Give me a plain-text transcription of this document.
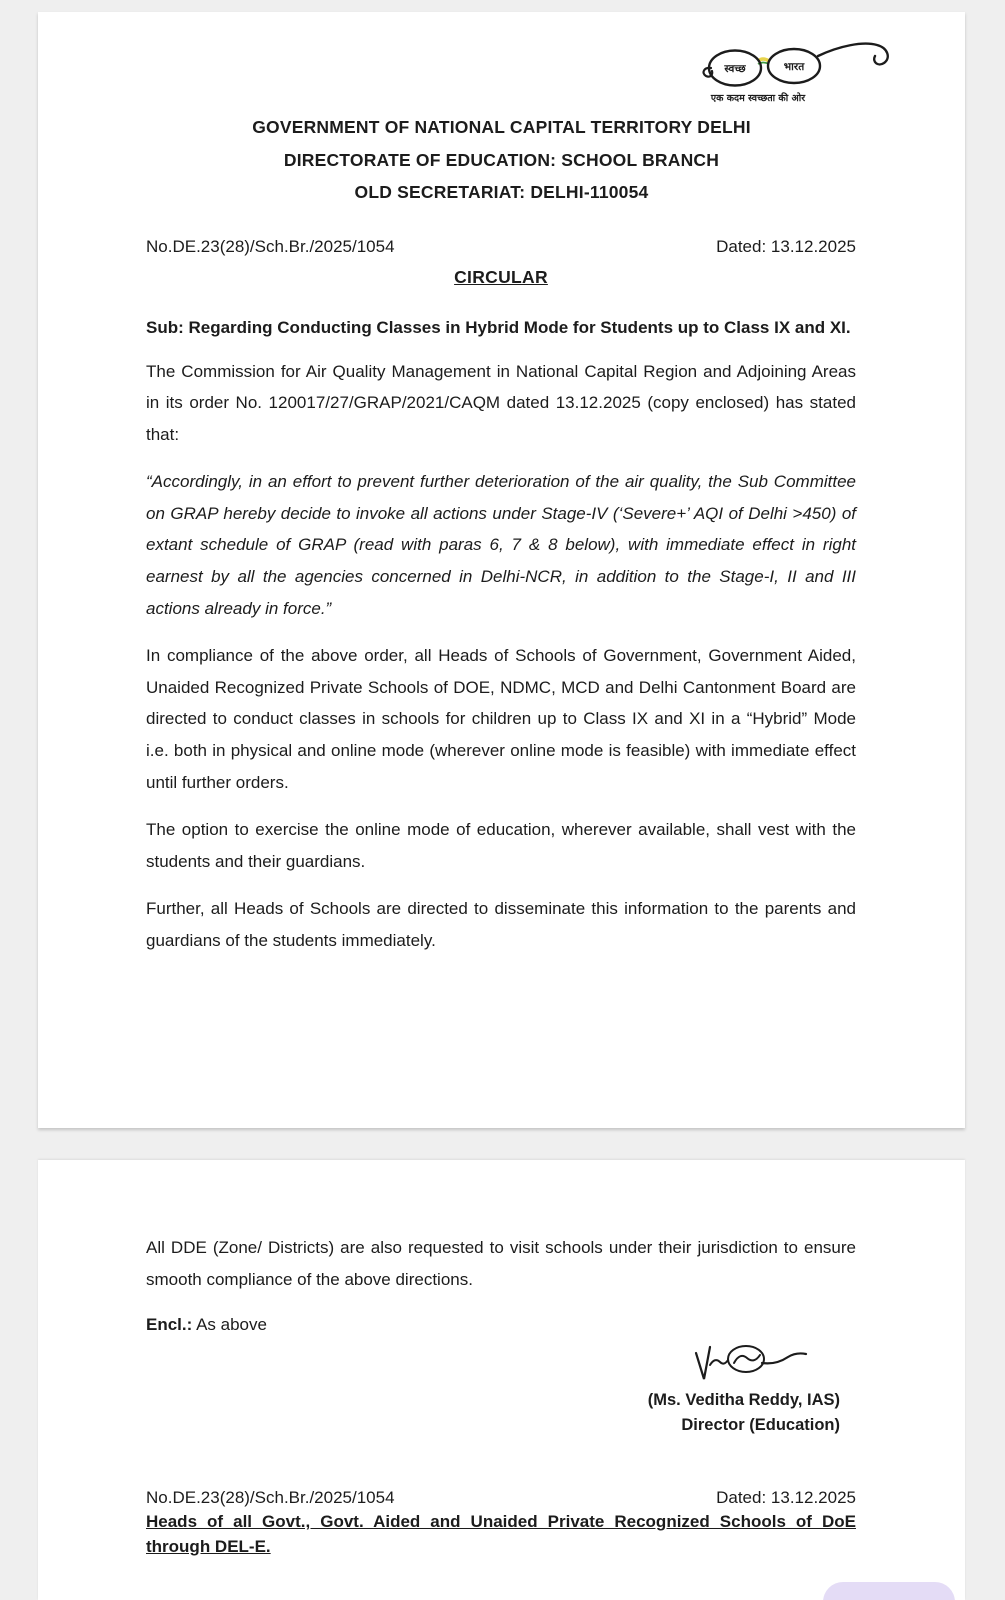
स्वच्छ	भारत
एक कदम स्वच्छता की ओर
GOVERNMENT OF NATIONAL CAPITAL TERRITORY DELHI
DIRECTORATE OF EDUCATION: SCHOOL BRANCH
OLD SECRETARIAT: DELHI-110054
No.DE.23(28)/Sch.Br./2025/1054	Dated: 13.12.2025
CIRCULAR
Sub: Regarding Conducting Classes in Hybrid Mode for Students up to Class IX and XI.
The Commission for Air Quality Management in National Capital Region and Adjoining Areas in its order No. 120017/27/GRAP/2021/CAQM dated 13.12.2025 (copy enclosed) has stated that:
“Accordingly, in an effort to prevent further deterioration of the air quality, the Sub Committee on GRAP hereby decide to invoke all actions under Stage-IV (‘Severe+’ AQI of Delhi >450) of extant schedule of GRAP (read with paras 6, 7 & 8 below), with immediate effect in right earnest by all the agencies concerned in Delhi-NCR, in addition to the Stage-I, II and III actions already in force.”
In compliance of the above order, all Heads of Schools of Government, Government Aided, Unaided Recognized Private Schools of DOE, NDMC, MCD and Delhi Cantonment Board are directed to conduct classes in schools for children up to Class IX and XI in a “Hybrid” Mode i.e. both in physical and online mode (wherever online mode is feasible) with immediate effect until further orders.
The option to exercise the online mode of education, wherever available, shall vest with the students and their guardians.
Further, all Heads of Schools are directed to disseminate this information to the parents and guardians of the students immediately.
All DDE (Zone/ Districts) are also requested to visit schools under their jurisdiction to ensure smooth compliance of the above directions.
Encl.: As above
(Ms. Veditha Reddy, IAS)
Director (Education)
No.DE.23(28)/Sch.Br./2025/1054	Dated: 13.12.2025
Heads of all Govt., Govt. Aided and Unaided Private Recognized Schools of DoE through DEL-E.
